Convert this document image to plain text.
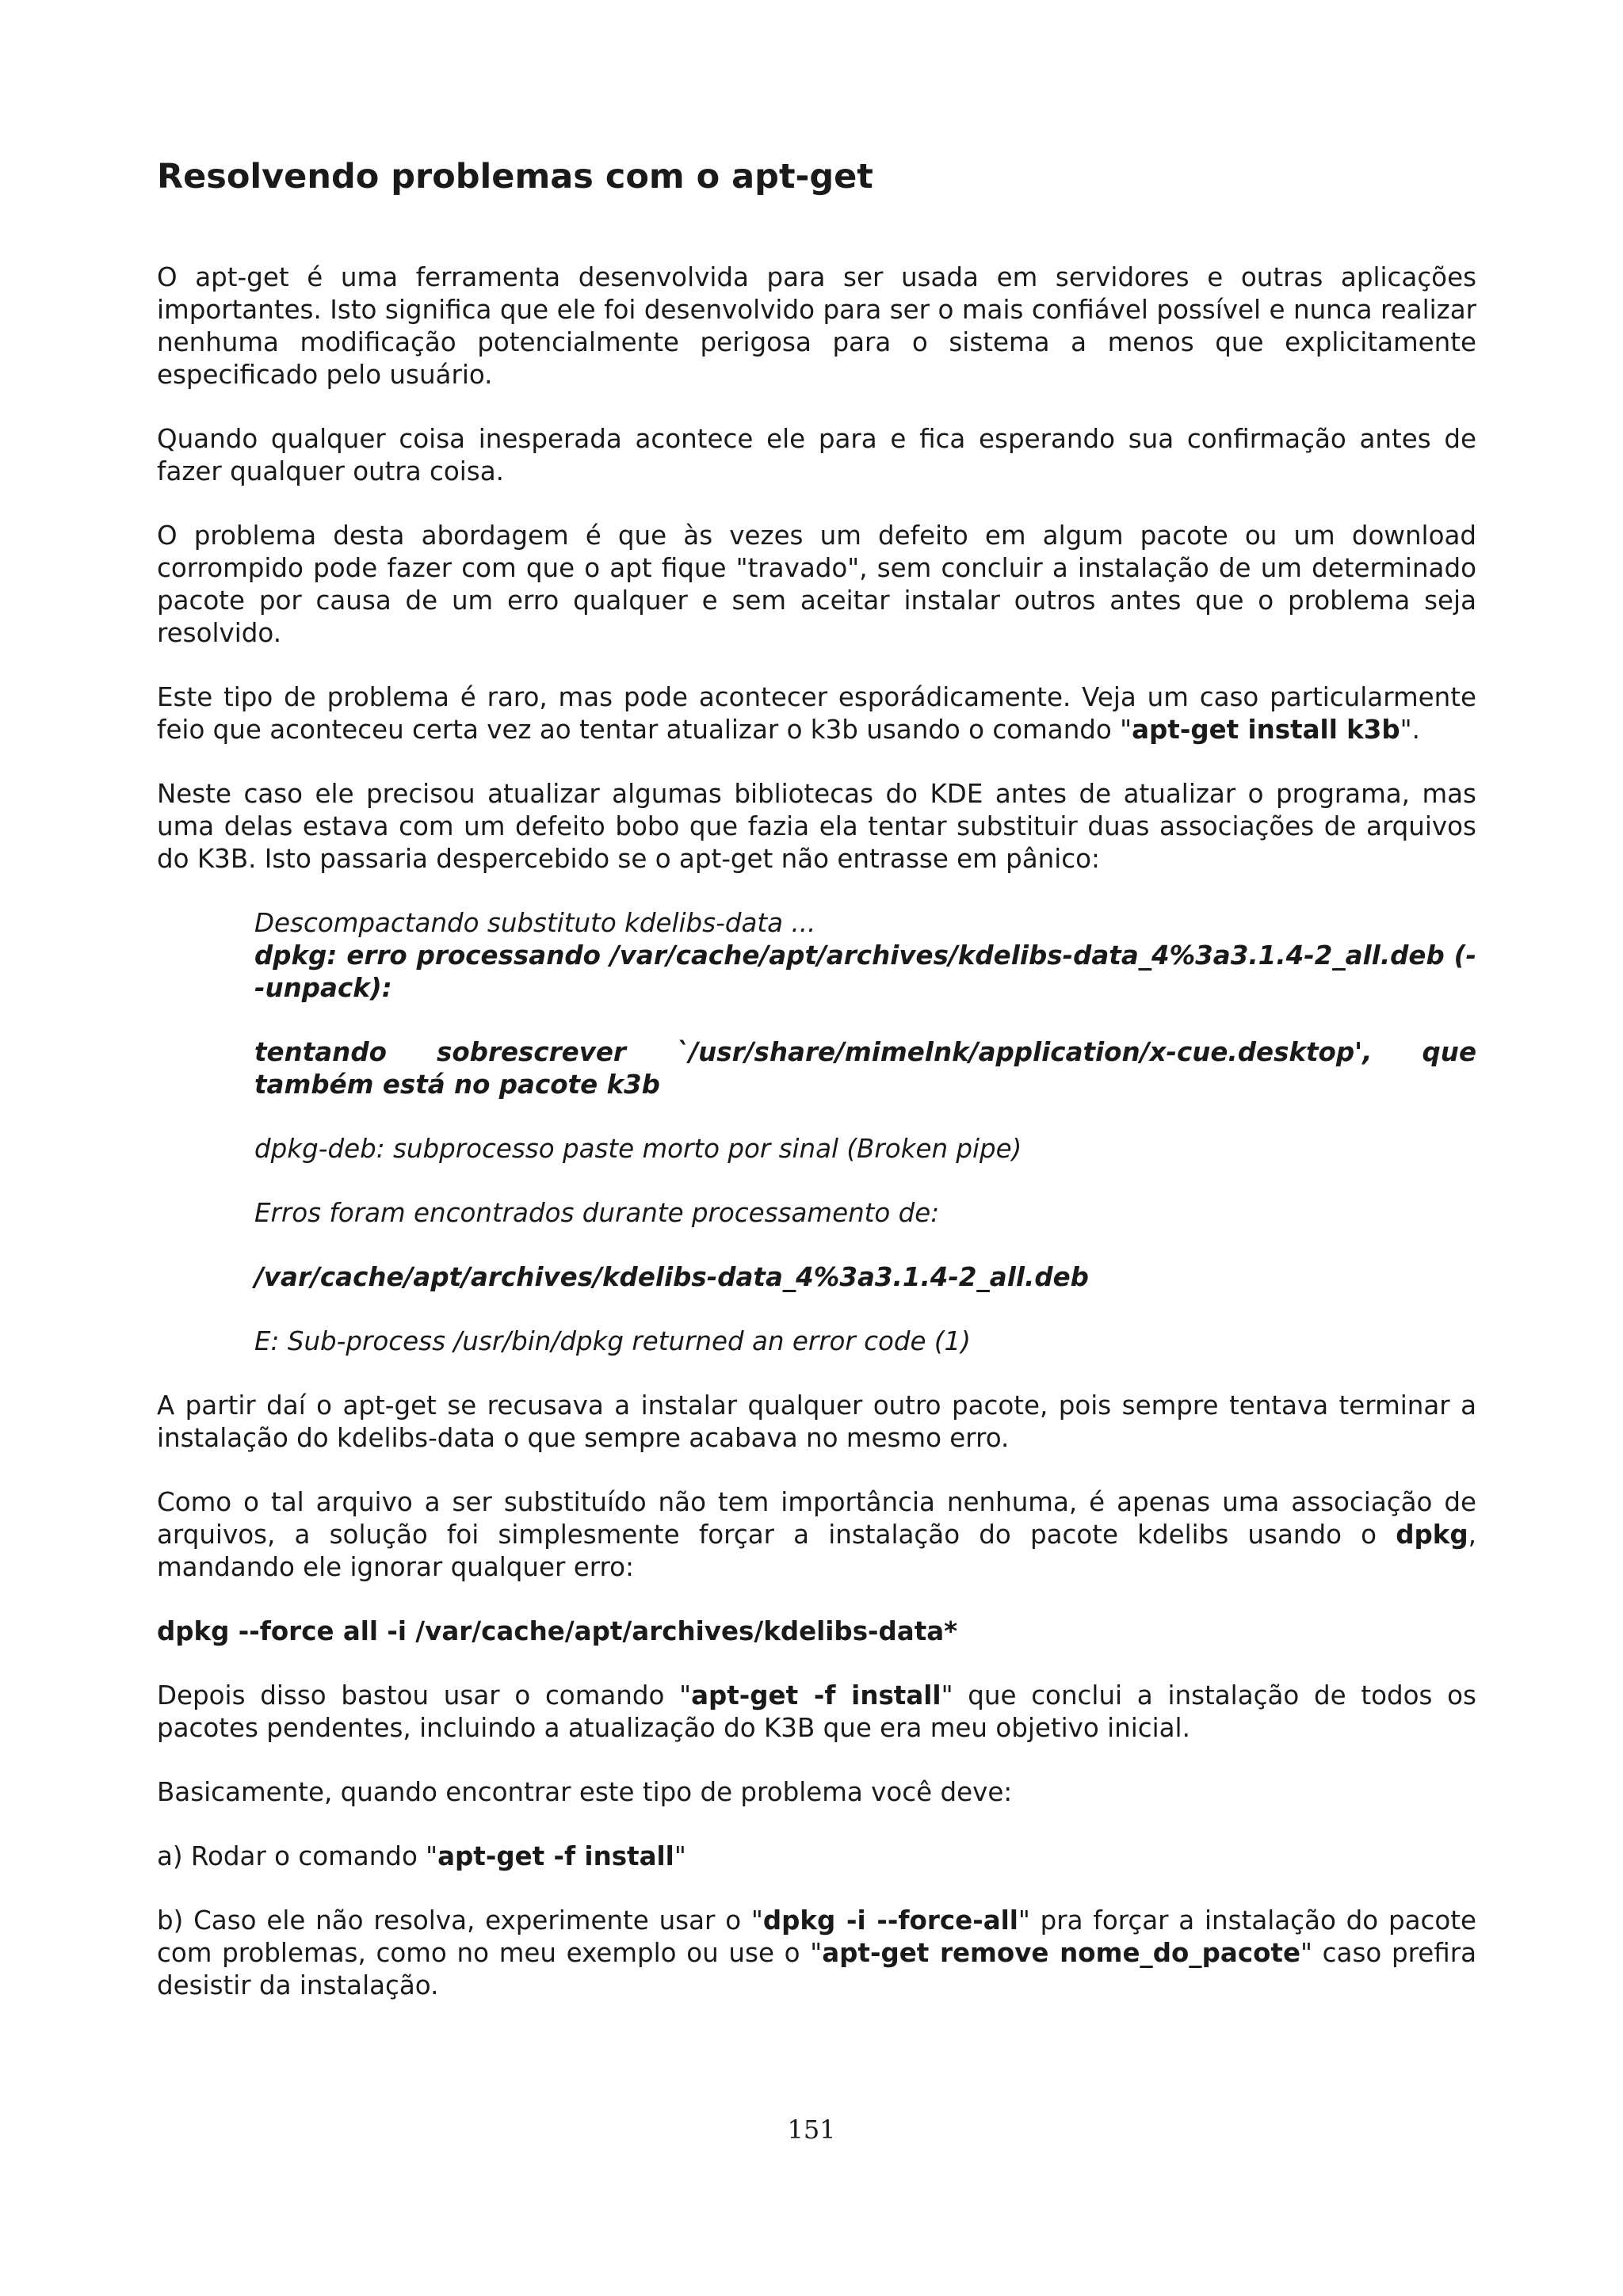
Resolvendo problemas com o apt-get

O apt-get é uma ferramenta desenvolvida para ser usada em servidores e outras aplicações importantes. Isto significa que ele foi desenvolvido para ser o mais confiável possível e nunca realizar nenhuma modificação potencialmente perigosa para o sistema a menos que explicitamente especificado pelo usuário.

Quando qualquer coisa inesperada acontece ele para e fica esperando sua confirmação antes de fazer qualquer outra coisa.

O problema desta abordagem é que às vezes um defeito em algum pacote ou um download corrompido pode fazer com que o apt fique "travado", sem concluir a instalação de um determinado pacote por causa de um erro qualquer e sem aceitar instalar outros antes que o problema seja resolvido.

Este tipo de problema é raro, mas pode acontecer esporádicamente. Veja um caso particularmente feio que aconteceu certa vez ao tentar atualizar o k3b usando o comando "apt-get install k3b".

Neste caso ele precisou atualizar algumas bibliotecas do KDE antes de atualizar o programa, mas uma delas estava com um defeito bobo que fazia ela tentar substituir duas associações de arquivos do K3B. Isto passaria despercebido se o apt-get não entrasse em pânico:

Descompactando substituto kdelibs-data ...

dpkg: erro processando /var/cache/apt/archives/kdelibs-data_4%3a3.1.4-2_all.deb (--unpack):

tentando sobrescrever `/usr/share/mimelnk/application/x-cue.desktop', que também está no pacote k3b

dpkg-deb: subprocesso paste morto por sinal (Broken pipe)

Erros foram encontrados durante processamento de:

/var/cache/apt/archives/kdelibs-data_4%3a3.1.4-2_all.deb

E: Sub-process /usr/bin/dpkg returned an error code (1)

A partir daí o apt-get se recusava a instalar qualquer outro pacote, pois sempre tentava terminar a instalação do kdelibs-data o que sempre acabava no mesmo erro.

Como o tal arquivo a ser substituído não tem importância nenhuma, é apenas uma associação de arquivos, a solução foi simplesmente forçar a instalação do pacote kdelibs usando o dpkg, mandando ele ignorar qualquer erro:

dpkg --force all -i /var/cache/apt/archives/kdelibs-data*

Depois disso bastou usar o comando "apt-get -f install" que conclui a instalação de todos os pacotes pendentes, incluindo a atualização do K3B que era meu objetivo inicial.

Basicamente, quando encontrar este tipo de problema você deve:

a) Rodar o comando "apt-get -f install"

b) Caso ele não resolva, experimente usar o "dpkg -i --force-all" pra forçar a instalação do pacote com problemas, como no meu exemplo ou use o "apt-get remove nome_do_pacote" caso prefira desistir da instalação.

151
